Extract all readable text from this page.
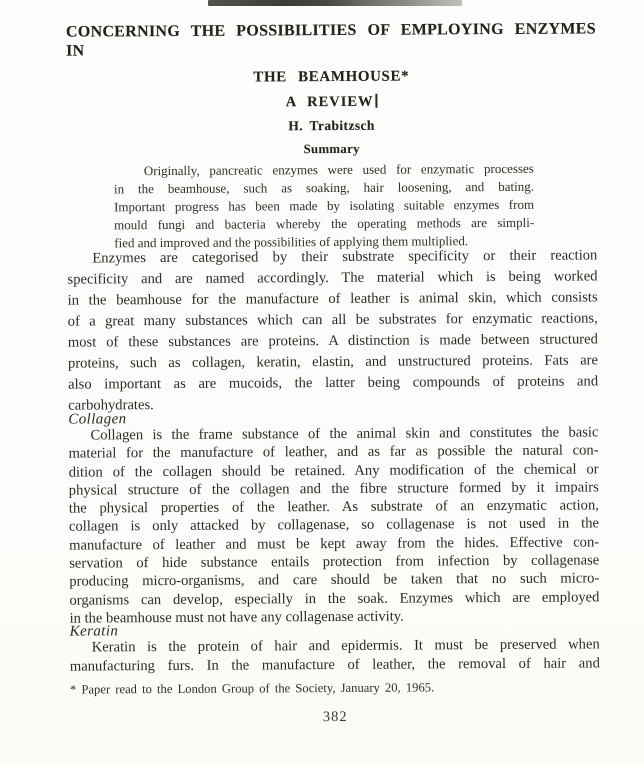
CONCERNING THE POSSIBILITIES OF EMPLOYING ENZYMES IN
THE BEAMHOUSE*
A REVIEW
H. Trabitzsch
Summary
Originally, pancreatic enzymes were used for enzymatic processes
in the beamhouse, such as soaking, hair loosening, and bating.
Important progress has been made by isolating suitable enzymes from
mould fungi and bacteria whereby the operating methods are simpli-
fied and improved and the possibilities of applying them multiplied.
Enzymes are categorised by their substrate specificity or their reaction
specificity and are named accordingly. The material which is being worked
in the beamhouse for the manufacture of leather is animal skin, which consists
of a great many substances which can all be substrates for enzymatic reactions,
most of these substances are proteins. A distinction is made between structured
proteins, such as collagen, keratin, elastin, and unstructured proteins. Fats are
also important as are mucoids, the latter being compounds of proteins and
carbohydrates.
Collagen
Collagen is the frame substance of the animal skin and constitutes the basic
material for the manufacture of leather, and as far as possible the natural con-
dition of the collagen should be retained. Any modification of the chemical or
physical structure of the collagen and the fibre structure formed by it impairs
the physical properties of the leather. As substrate of an enzymatic action,
collagen is only attacked by collagenase, so collagenase is not used in the
manufacture of leather and must be kept away from the hides. Effective con-
servation of hide substance entails protection from infection by collagenase
producing micro-organisms, and care should be taken that no such micro-
organisms can develop, especially in the soak. Enzymes which are employed
in the beamhouse must not have any collagenase activity.
Keratin
Keratin is the protein of hair and epidermis. It must be preserved when
manufacturing furs. In the manufacture of leather, the removal of hair and
* Paper read to the London Group of the Society, January 20, 1965.
382
